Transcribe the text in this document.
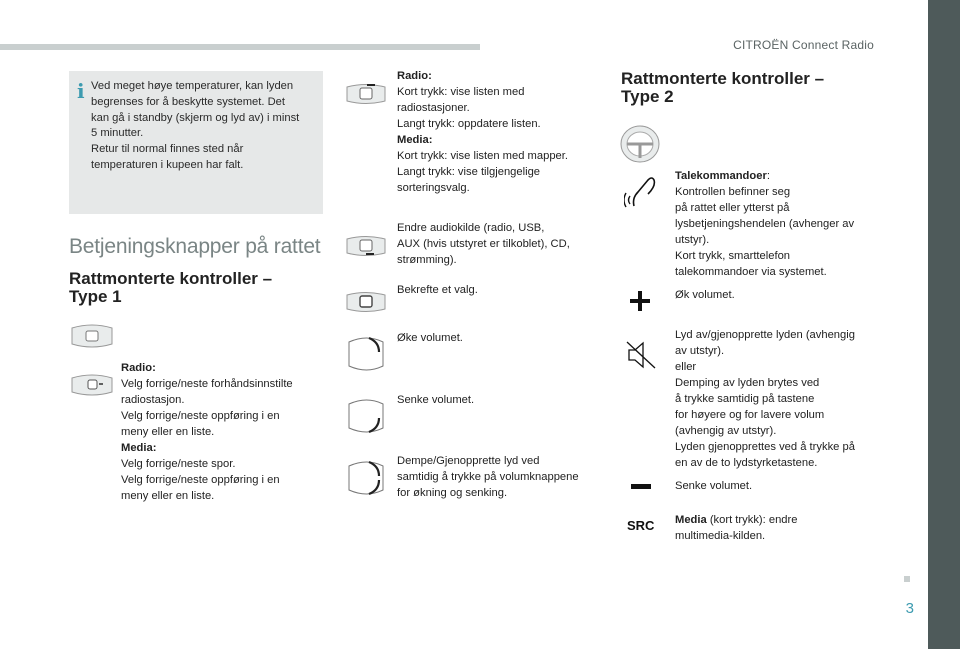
CITROËN Connect Radio
3
i Ved meget høye temperaturer, kan lyden
begrenses for å beskytte systemet. Det
kan gå i standby (skjerm og lyd av) i minst
5 minutter.
Retur til normal finnes sted når
temperaturen i kupeen har falt.
Betjeningsknapper på rattet
Rattmonterte kontroller –
Type 1
Radio:
Velg forrige/neste forhåndsinnstilte
radiostasjon.
Velg forrige/neste oppføring i en
meny eller en liste.
Media:
Velg forrige/neste spor.
Velg forrige/neste oppføring i en
meny eller en liste.
Radio:
Kort trykk: vise listen med
radiostasjoner.
Langt trykk: oppdatere listen.
Media:
Kort trykk: vise listen med mapper.
Langt trykk: vise tilgjengelige
sorteringsvalg.
Endre audiokilde (radio, USB,
AUX (hvis utstyret er tilkoblet), CD,
strømming).
Bekrefte et valg.
Øke volumet.
Senke volumet.
Dempe/Gjenopprette lyd ved
samtidig å trykke på volumknappene
for økning og senking.
Rattmonterte kontroller –
Type 2
SRC
Talekommandoer:
Kontrollen befinner seg
på rattet eller ytterst på
lysbetjeningshendelen (avhenger av
utstyr).
Kort trykk, smarttelefon
talekommandoer via systemet.
Øk volumet.
Lyd av/gjenopprette lyden (avhengig
av utstyr).
eller
Demping av lyden brytes ved
å trykke samtidig på tastene
for høyere og for lavere volum
(avhengig av utstyr).
Lyden gjenopprettes ved å trykke på
en av de to lydstyrketastene.
Senke volumet.
Media (kort trykk): endre
multimedia-kilden.
